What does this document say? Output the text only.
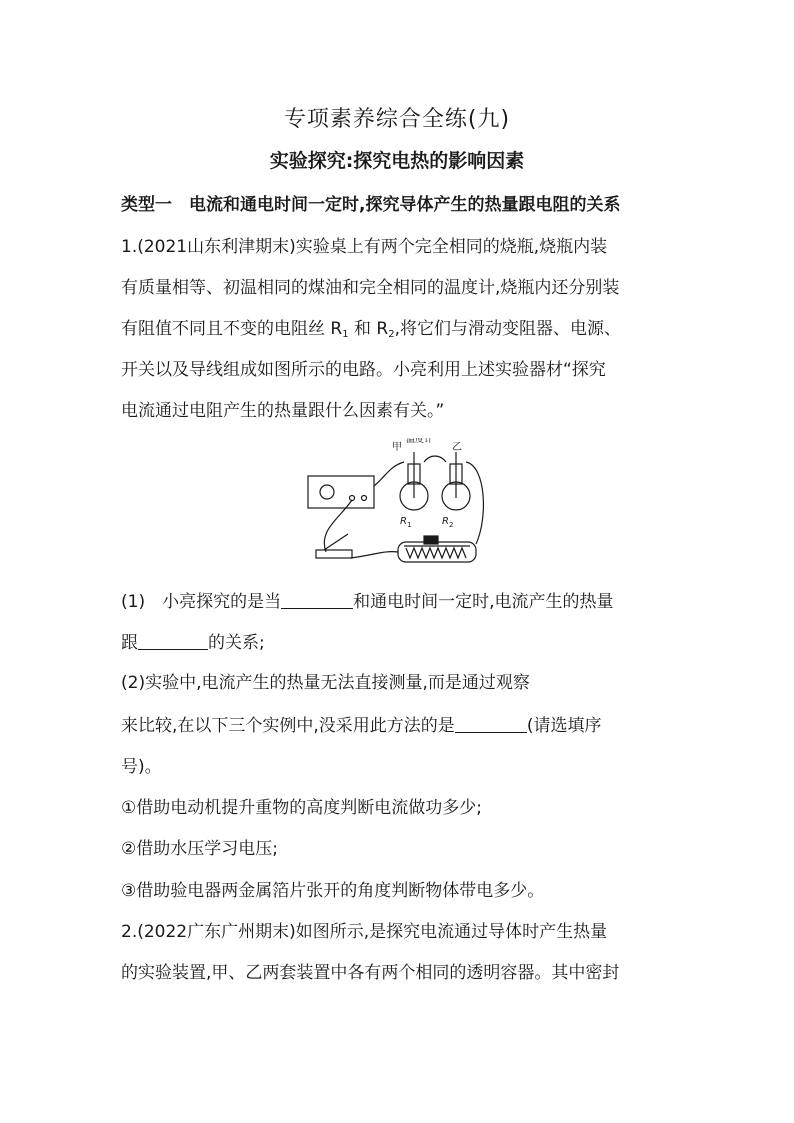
专项素养综合全练(九)
实验探究:探究电热的影响因素
类型一　电流和通电时间一定时,探究导体产生的热量跟电阻的关系
1.(2021山东利津期末)实验桌上有两个完全相同的烧瓶,烧瓶内装
有质量相等、初温相同的煤油和完全相同的温度计,烧瓶内还分别装
有阻值不同且不变的电阻丝 $R_1$ 和 $R_2$,将它们与滑动变阻器、电源、
开关以及导线组成如图所示的电路。小亮利用上述实验器材“探究
电流通过电阻产生的热量跟什么因素有关。”
甲
温度计
乙
R 1	R 2
(1)　小亮探究的是当	和通电时间一定时,电流产生的热量
跟	的关系;
(2)实验中,电流产生的热量无法直接测量,而是通过观察
来比较,在以下三个实例中,没采用此方法的是	(请选填序
号)。
①借助电动机提升重物的高度判断电流做功多少;
②借助水压学习电压;
③借助验电器两金属箔片张开的角度判断物体带电多少。
2.(2022广东广州期末)如图所示,是探究电流通过导体时产生热量
的实验装置,甲、乙两套装置中各有两个相同的透明容器。其中密封
